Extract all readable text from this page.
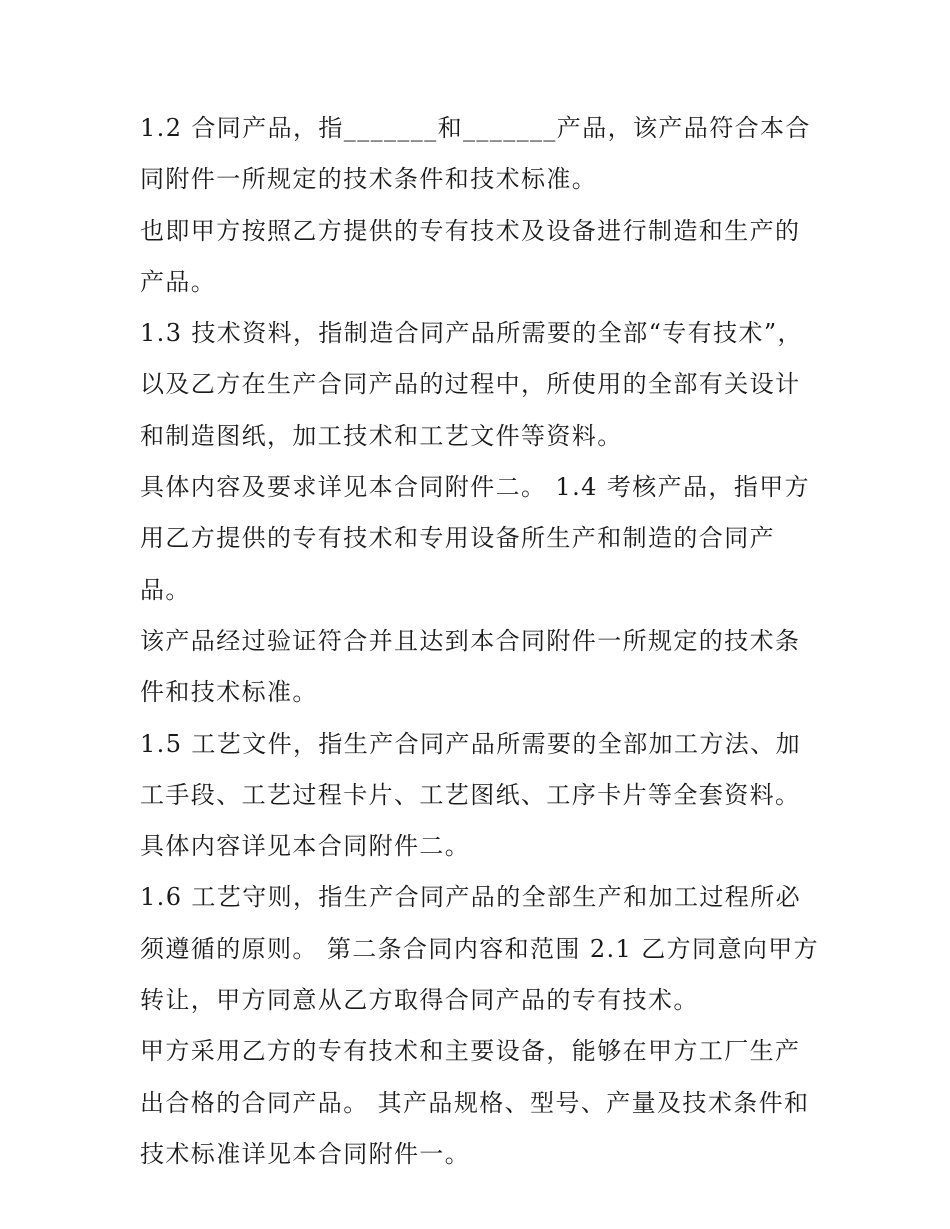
1.2 合同产品，指_______和_______产品，该产品符合本合同附件一所规定的技术条件和技术标准。

也即甲方按照乙方提供的专有技术及设备进行制造和生产的产品。

1.3 技术资料，指制造合同产品所需要的全部“专有技术”，以及乙方在生产合同产品的过程中，所使用的全部有关设计和制造图纸，加工技术和工艺文件等资料。

具体内容及要求详见本合同附件二。 1.4 考核产品，指甲方用乙方提供的专有技术和专用设备所生产和制造的合同产品。

该产品经过验证符合并且达到本合同附件一所规定的技术条件和技术标准。

1.5 工艺文件，指生产合同产品所需要的全部加工方法、加工手段、工艺过程卡片、工艺图纸、工序卡片等全套资料。 具体内容详见本合同附件二。

1.6 工艺守则，指生产合同产品的全部生产和加工过程所必须遵循的原则。 第二条合同内容和范围 2.1 乙方同意向甲方转让，甲方同意从乙方取得合同产品的专有技术。

甲方采用乙方的专有技术和主要设备，能够在甲方工厂生产出合格的合同产品。 其产品规格、型号、产量及技术条件和技术标准详见本合同附件一。
